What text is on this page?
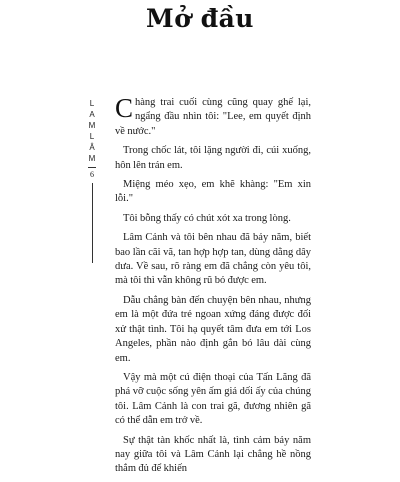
Mở đầu
L
A
M
L
Â
M
6

Chàng trai cuối cùng cũng quay ghế lại, ngẩng đầu nhìn tôi: "Lee, em quyết định về nước."

Trong chốc lát, tôi lặng người đi, cúi xuống, hôn lên trán em.

Miệng méo xẹo, em khẽ khàng: "Em xin lỗi."

Tôi bỗng thấy có chút xót xa trong lòng.

Lâm Cảnh và tôi bên nhau đã bảy năm, biết bao lần cãi vã, tan hợp hợp tan, dùng dằng dây dưa. Về sau, rõ ràng em đã chẳng còn yêu tôi, mà tôi thì vẫn không rũ bỏ được em.

Dẫu chẳng bàn đến chuyện bên nhau, nhưng em là một đứa trẻ ngoan xứng đáng được đối xử thật tình. Tôi hạ quyết tâm đưa em tới Los Angeles, phần nào định gắn bó lâu dài cùng em.

Vậy mà một cú điện thoại của Tấn Lăng đã phá vỡ cuộc sống yên ấm giả dối ấy của chúng tôi. Lâm Cảnh là con trai gã, đương nhiên gã có thể dẫn em trở về.

Sự thật tàn khốc nhất là, tình cảm bảy năm nay giữa tôi và Lâm Cảnh lại chẳng hề nồng thắm đủ để khiến
